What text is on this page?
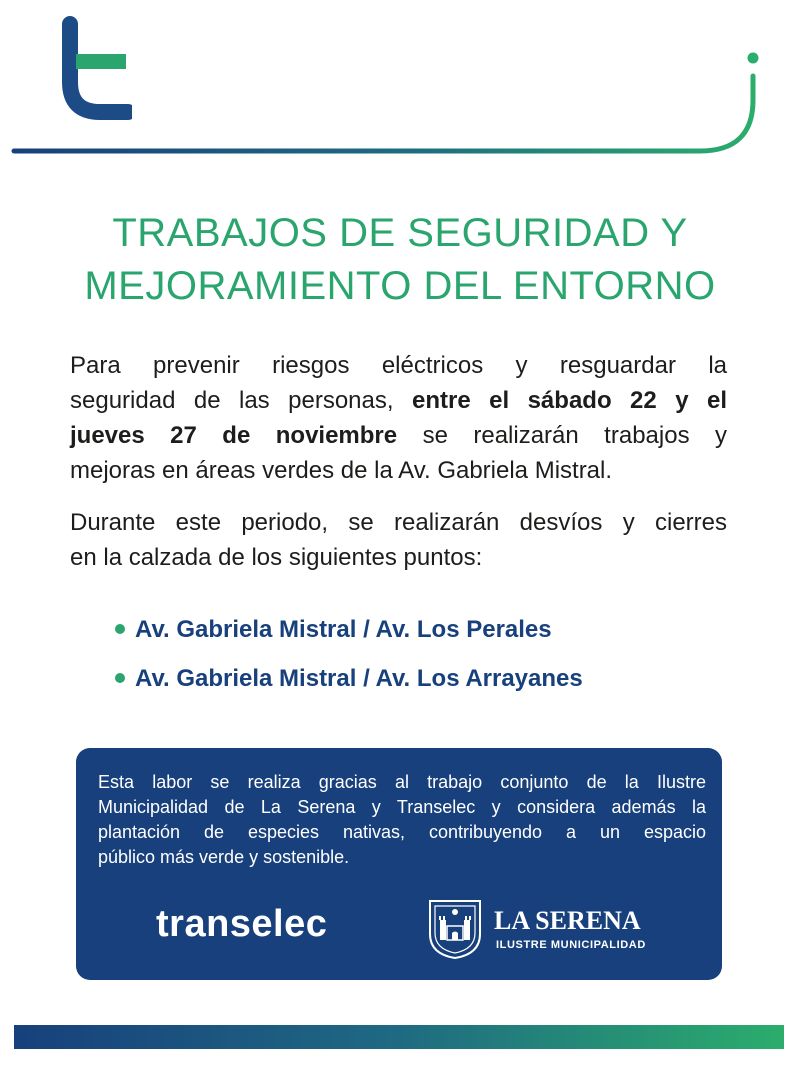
TRABAJOS DE SEGURIDAD Y
MEJORAMIENTO DEL ENTORNO

Para prevenir riesgos eléctricos y resguardar la
seguridad de las personas, entre el sábado 22 y el
jueves 27 de noviembre se realizarán trabajos y
mejoras en áreas verdes de la Av. Gabriela Mistral.

Durante este periodo, se realizarán desvíos y cierres
en la calzada de los siguientes puntos:

Av. Gabriela Mistral / Av. Los Perales
Av. Gabriela Mistral / Av. Los Arrayanes

Esta labor se realiza gracias al trabajo conjunto de la Ilustre
Municipalidad de La Serena y Transelec y considera además la
plantación de especies nativas, contribuyendo a un espacio
público más verde y sostenible.

transelec	LA SERENA
ILUSTRE MUNICIPALIDAD
